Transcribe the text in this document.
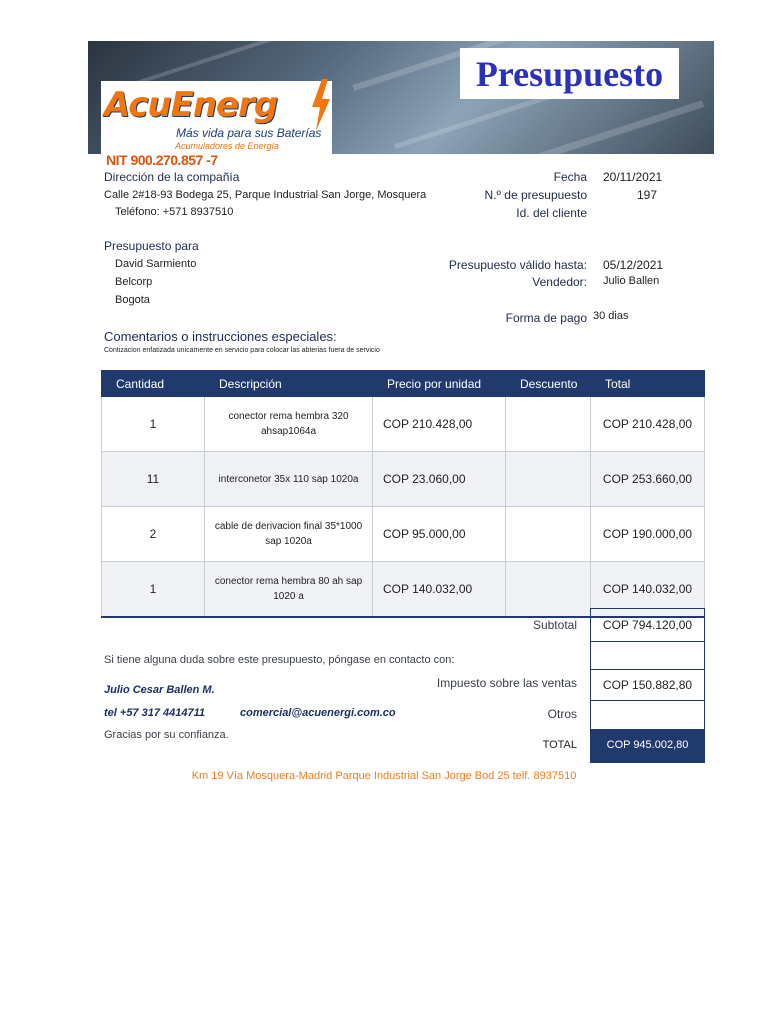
AcuEnerg
Más vida para sus Baterías
Acumuladores de Energía
Presupuesto
NIT 900.270.857 -7
Dirección de la compañía
Calle 2#18-93 Bodega 25, Parque Industrial San Jorge, Mosquera
Teléfono: +571 8937510
Fecha 20/11/2021
N.º de presupuesto	197
Id. del cliente
Presupuesto para
David Sarmiento
Belcorp
Bogota
Presupuesto válido hasta: 05/12/2021
Vendedor: Julio Ballen
Forma de pago 30 dias
Comentarios o instrucciones especiales:
Contizacion enfatizada unicamente en servicio para colocar las abterias fuera de servicio
Cantidad	Descripción	Precio por unidad	Descuento	Total
1	conector rema hembra 320 ahsap1064a	COP 210.428,00		COP 210.428,00
11	interconetor 35x 110 sap 1020a	COP 23.060,00		COP 253.660,00
2	cable de derivacion final 35*1000 sap 1020a	COP 95.000,00		COP 190.000,00
1	conector rema hembra 80 ah sap 1020 a	COP 140.032,00		COP 140.032,00
Subtotal	COP 794.120,00
Si tiene alguna duda sobre este presupuesto, póngase en contacto con:
Impuesto sobre las ventas	COP 150.882,80
Julio Cesar Ballen M.
tel +57 317 4414711	comercial@acuenergi.com.co	Otros
Gracias por su confianza.
TOTAL	COP 945.002,80
Km 19 Vía Mosquera-Madrid Parque Industrial San Jorge Bod 25 telf. 8937510
